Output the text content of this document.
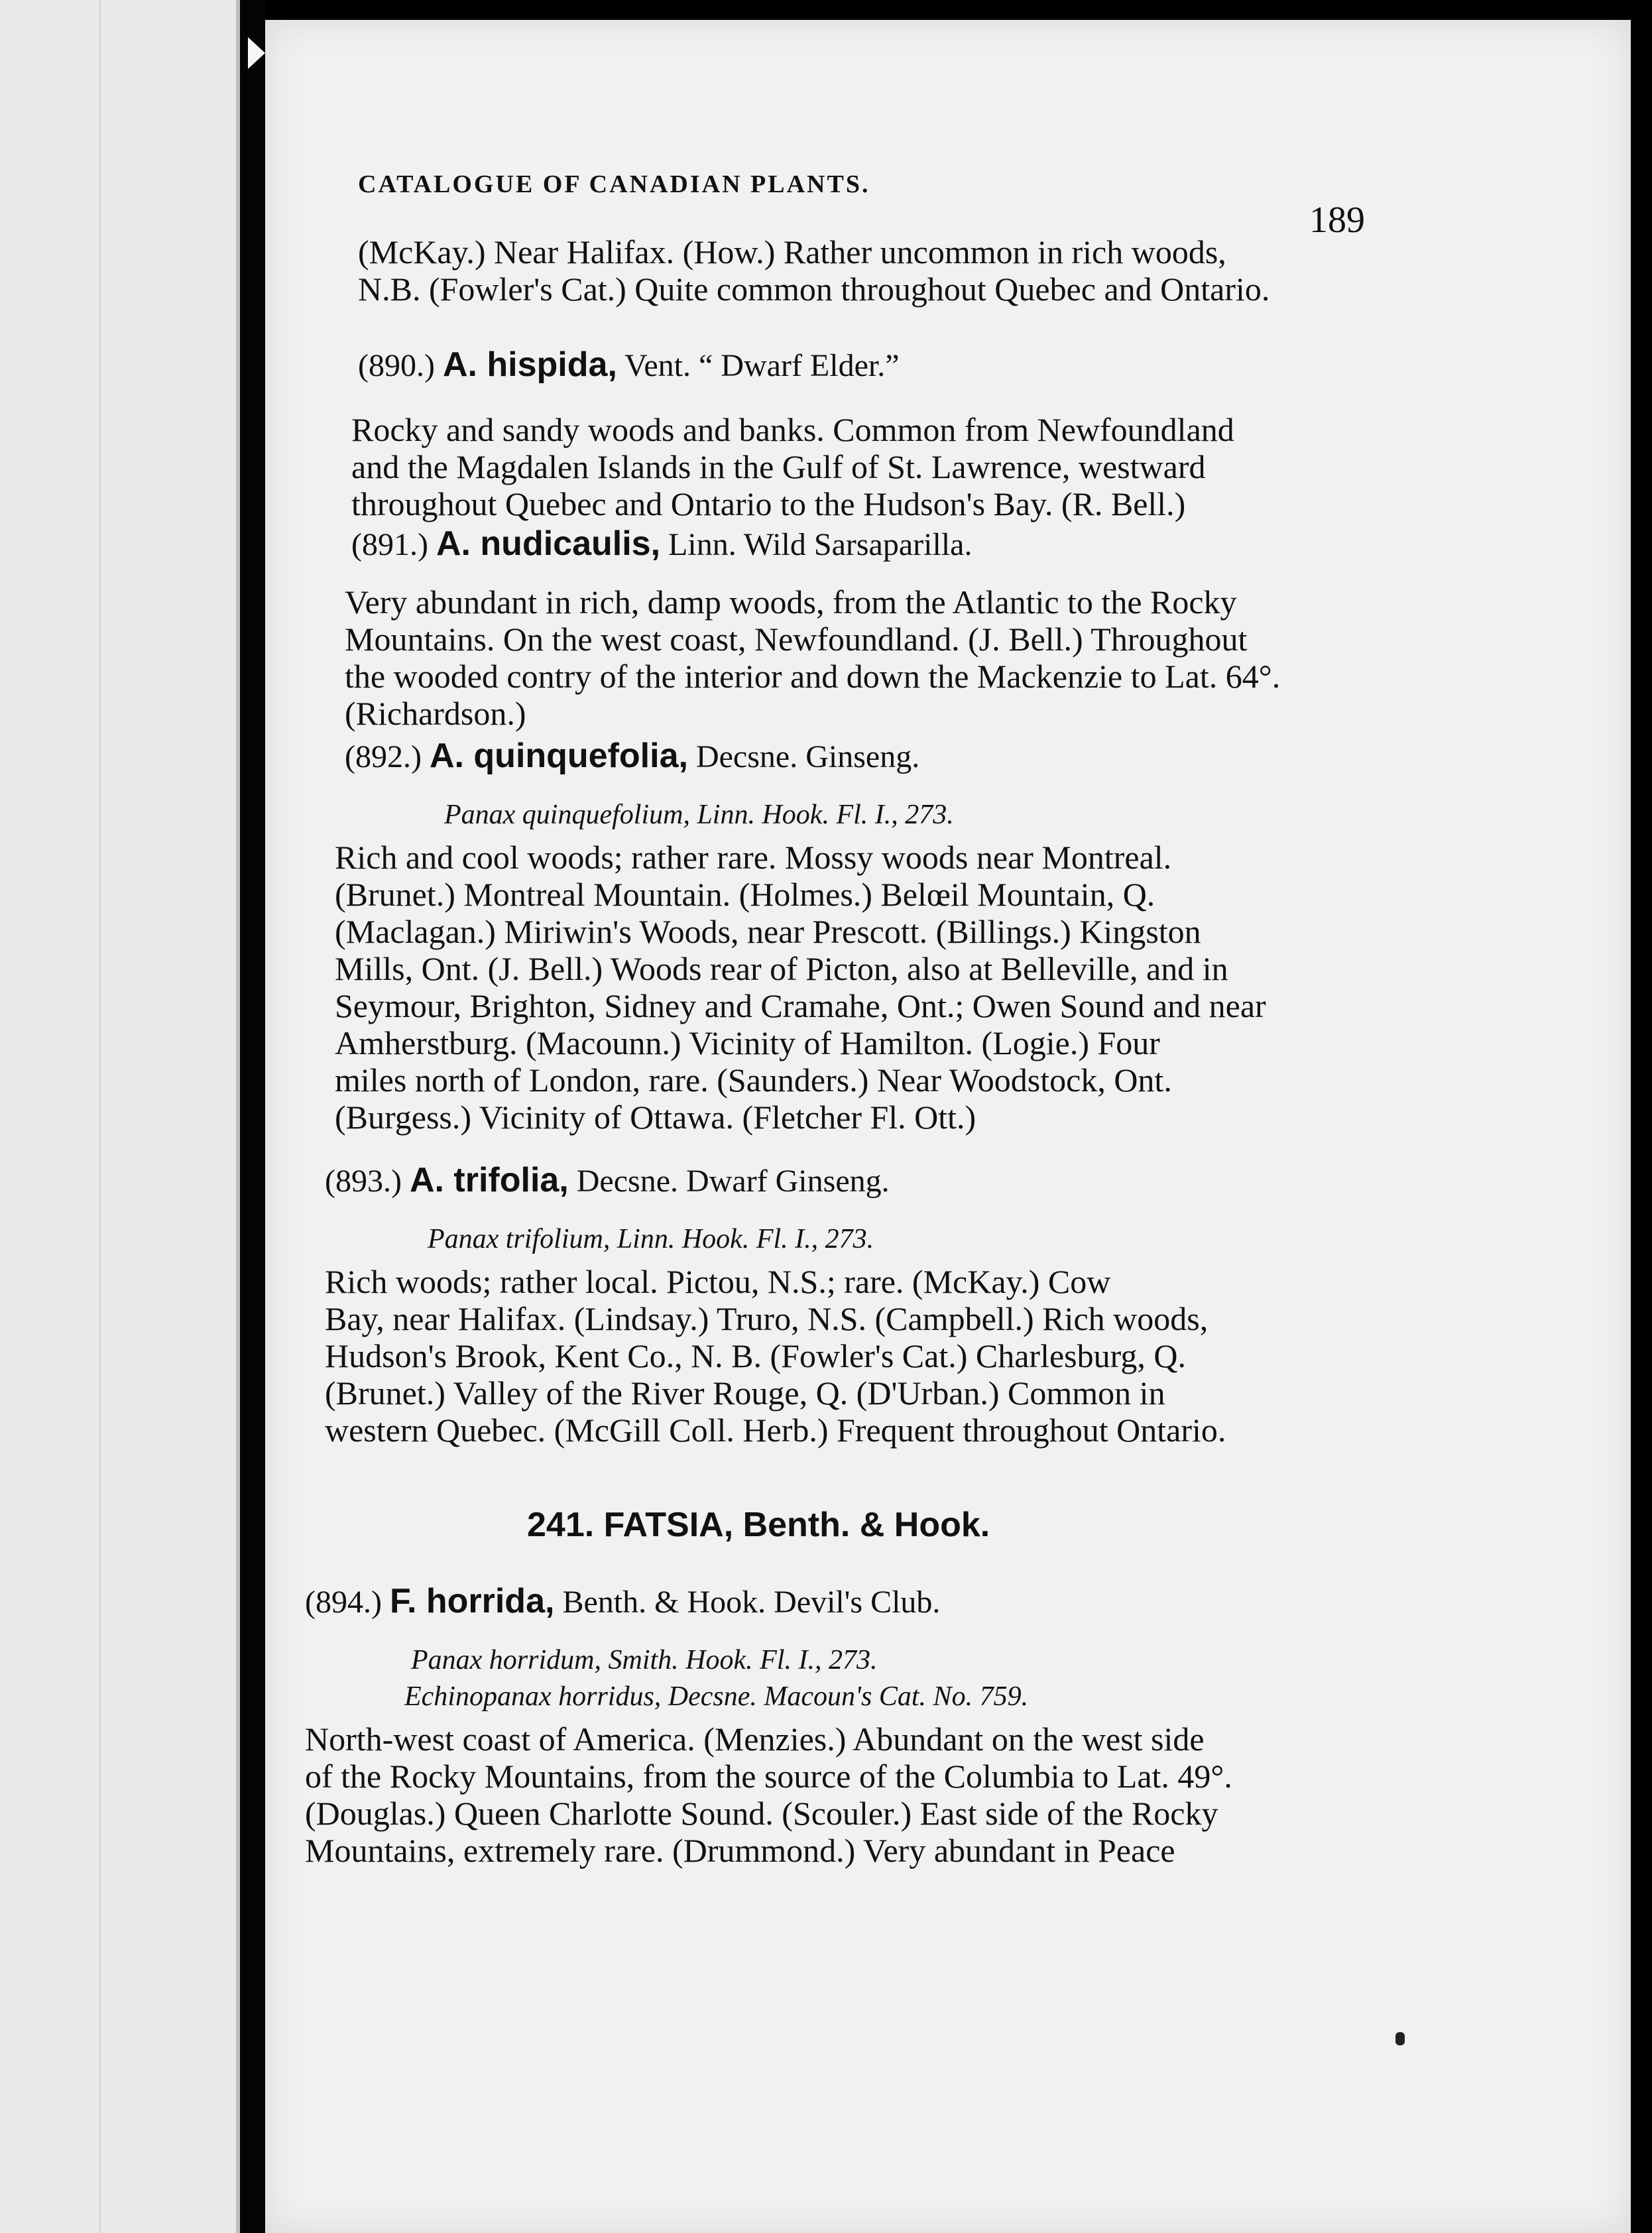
CATALOGUE OF CANADIAN PLANTS.
189
(McKay.) Near Halifax. (How.) Rather uncommon in rich woods,
N.B. (Fowler's Cat.) Quite common throughout Quebec and Ontario.
(890.) A. hispida, Vent. “ Dwarf Elder.”
Rocky and sandy woods and banks. Common from Newfoundland
and the Magdalen Islands in the Gulf of St. Lawrence, westward
throughout Quebec and Ontario to the Hudson's Bay. (R. Bell.)
(891.) A. nudicaulis, Linn. Wild Sarsaparilla.
Very abundant in rich, damp woods, from the Atlantic to the Rocky
Mountains. On the west coast, Newfoundland. (J. Bell.) Throughout
the wooded contry of the interior and down the Mackenzie to Lat. 64°.
(Richardson.)
(892.) A. quinquefolia, Decsne. Ginseng.
Panax quinquefolium, Linn. Hook. Fl. I., 273.
Rich and cool woods; rather rare. Mossy woods near Montreal.
(Brunet.) Montreal Mountain. (Holmes.) Belœil Mountain, Q.
(Maclagan.) Miriwin's Woods, near Prescott. (Billings.) Kingston
Mills, Ont. (J. Bell.) Woods rear of Picton, also at Belleville, and in
Seymour, Brighton, Sidney and Cramahe, Ont.; Owen Sound and near
Amherstburg. (Macounn.) Vicinity of Hamilton. (Logie.) Four
miles north of London, rare. (Saunders.) Near Woodstock, Ont.
(Burgess.) Vicinity of Ottawa. (Fletcher Fl. Ott.)
(893.) A. trifolia, Decsne. Dwarf Ginseng.
Panax trifolium, Linn. Hook. Fl. I., 273.
Rich woods; rather local. Pictou, N.S.; rare. (McKay.) Cow
Bay, near Halifax. (Lindsay.) Truro, N.S. (Campbell.) Rich woods,
Hudson's Brook, Kent Co., N. B. (Fowler's Cat.) Charlesburg, Q.
(Brunet.) Valley of the River Rouge, Q. (D'Urban.) Common in
western Quebec. (McGill Coll. Herb.) Frequent throughout Ontario.
241. FATSIA, Benth. & Hook.
(894.) F. horrida, Benth. & Hook. Devil's Club.
Panax horridum, Smith. Hook. Fl. I., 273.
Echinopanax horridus, Decsne. Macoun's Cat. No. 759.
North-west coast of America. (Menzies.) Abundant on the west side
of the Rocky Mountains, from the source of the Columbia to Lat. 49°.
(Douglas.) Queen Charlotte Sound. (Scouler.) East side of the Rocky
Mountains, extremely rare. (Drummond.) Very abundant in Peace
